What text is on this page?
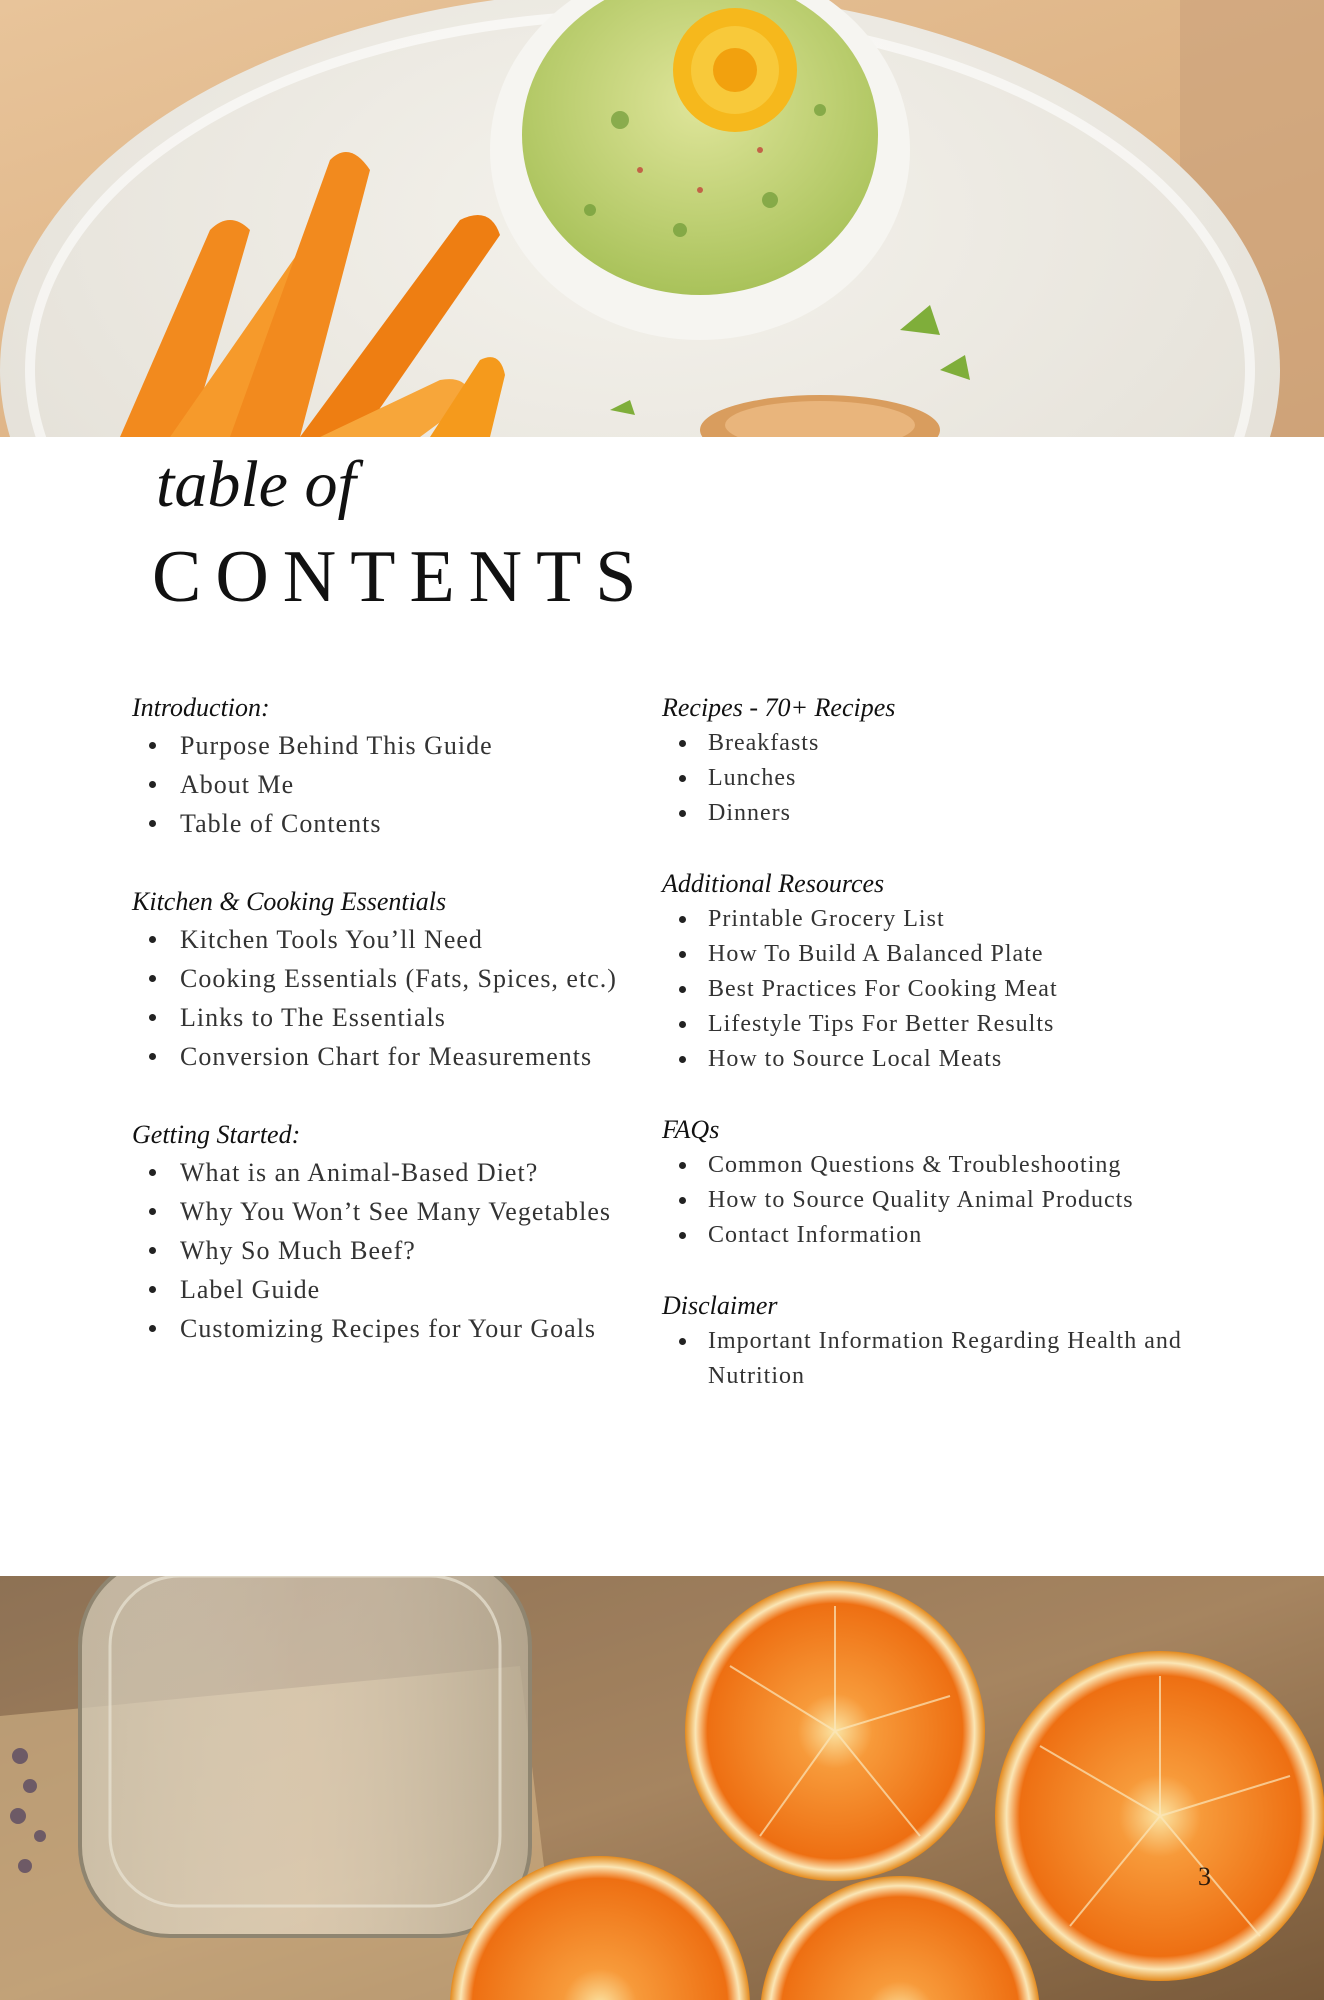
table of
CONTENTS
Introduction:
Purpose Behind This Guide
About Me
Table of Contents
Kitchen & Cooking Essentials
Kitchen Tools You’ll Need
Cooking Essentials (Fats, Spices, etc.)
Links to The Essentials
Conversion Chart for Measurements
Getting Started:
What is an Animal-Based Diet?
Why You Won’t See Many Vegetables
Why So Much Beef?
Label Guide
Customizing Recipes for Your Goals
Recipes - 70+ Recipes
Breakfasts
Lunches
Dinners
Additional Resources
Printable Grocery List
How To Build A Balanced Plate
Best Practices For Cooking Meat
Lifestyle Tips For Better Results
How to Source Local Meats
FAQs
Common Questions & Troubleshooting
How to Source Quality Animal Products
Contact Information
Disclaimer
Important Information Regarding Health and Nutrition
3
